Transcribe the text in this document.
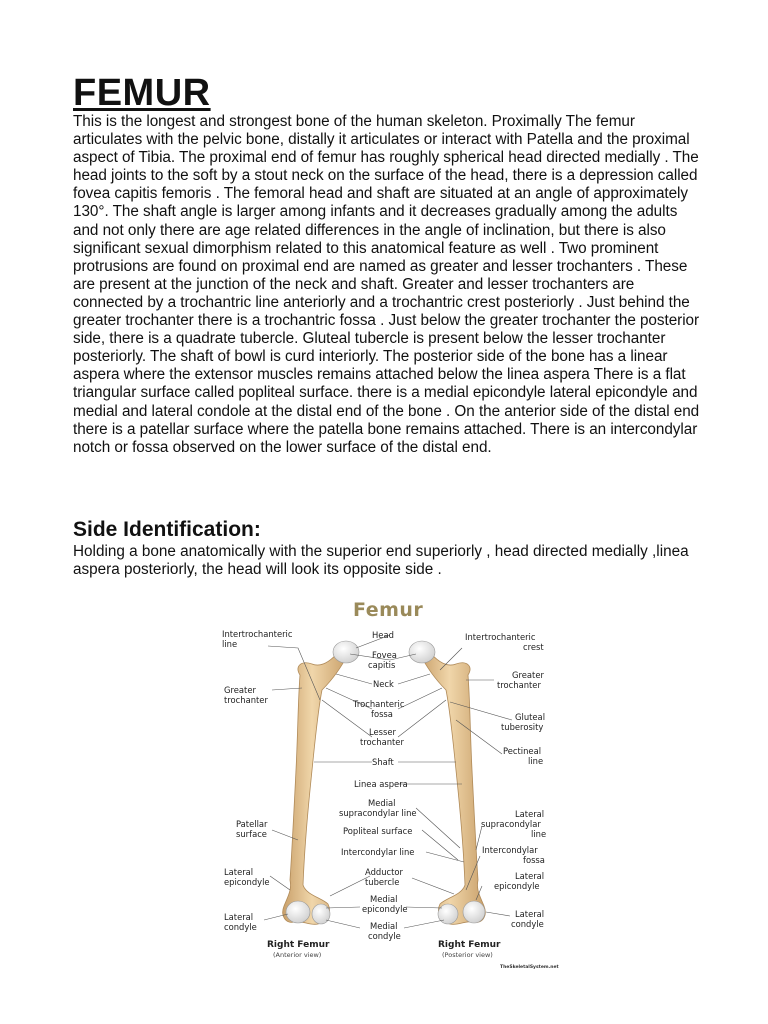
FEMUR

This is the longest and strongest bone of the human skeleton. Proximally The femur articulates with the pelvic bone, distally it articulates or interact with Patella and the proximal aspect of Tibia. The proximal end of femur has roughly spherical head directed medially . The head joints to the soft by a stout neck on the surface of the head, there is a depression called fovea capitis femoris . The femoral head and shaft are situated at an angle of approximately 130°. The shaft angle is larger among infants and it decreases gradually among the adults and not only there are age related differences in the angle of inclination, but there is also significant sexual dimorphism related to this anatomical feature as well . Two prominent protrusions are found on proximal end are named as greater and lesser trochanters . These are present at the junction of the neck and shaft. Greater and lesser trochanters are connected by a trochantric line anteriorly and a trochantric crest posteriorly . Just behind the greater trochanter there is a trochantric fossa . Just below the greater trochanter the posterior side, there is a quadrate tubercle. Gluteal tubercle is present below the lesser trochanter posteriorly. The shaft of bowl is curd interiorly. The posterior side of the bone has a linear aspera where the extensor muscles remains attached below the linea aspera There is a flat triangular surface called popliteal surface. there is a medial epicondyle lateral epicondyle and medial and lateral condole at the distal end of the bone . On the anterior side of the distal end there is a patellar surface where the patella bone remains attached. There is an intercondylar notch or fossa observed on the lower surface of the distal end.

Side Identification:

Holding a bone anatomically with the superior end superiorly , head directed medially ,linea aspera posteriorly, the head will look its opposite side .

Femur
Intertrochanteric line
Greater trochanter
Patellar surface
Lateral epicondyle
Lateral condyle
Head
Fovea capitis
Neck
Trochanteric fossa
Lesser trochanter
Shaft
Linea aspera
Medial supracondylar line
Popliteal surface
Intercondylar line
Adductor tubercle
Medial epicondyle
Medial condyle
Intertrochanteric crest
Greater trochanter
Gluteal tuberosity
Pectineal line
Lateral supracondylar line
Intercondylar fossa
Lateral epicondyle
Lateral condyle
Right Femur
(Anterior view)
Right Femur
(Posterior view)
TheSkeletalSystem.net
